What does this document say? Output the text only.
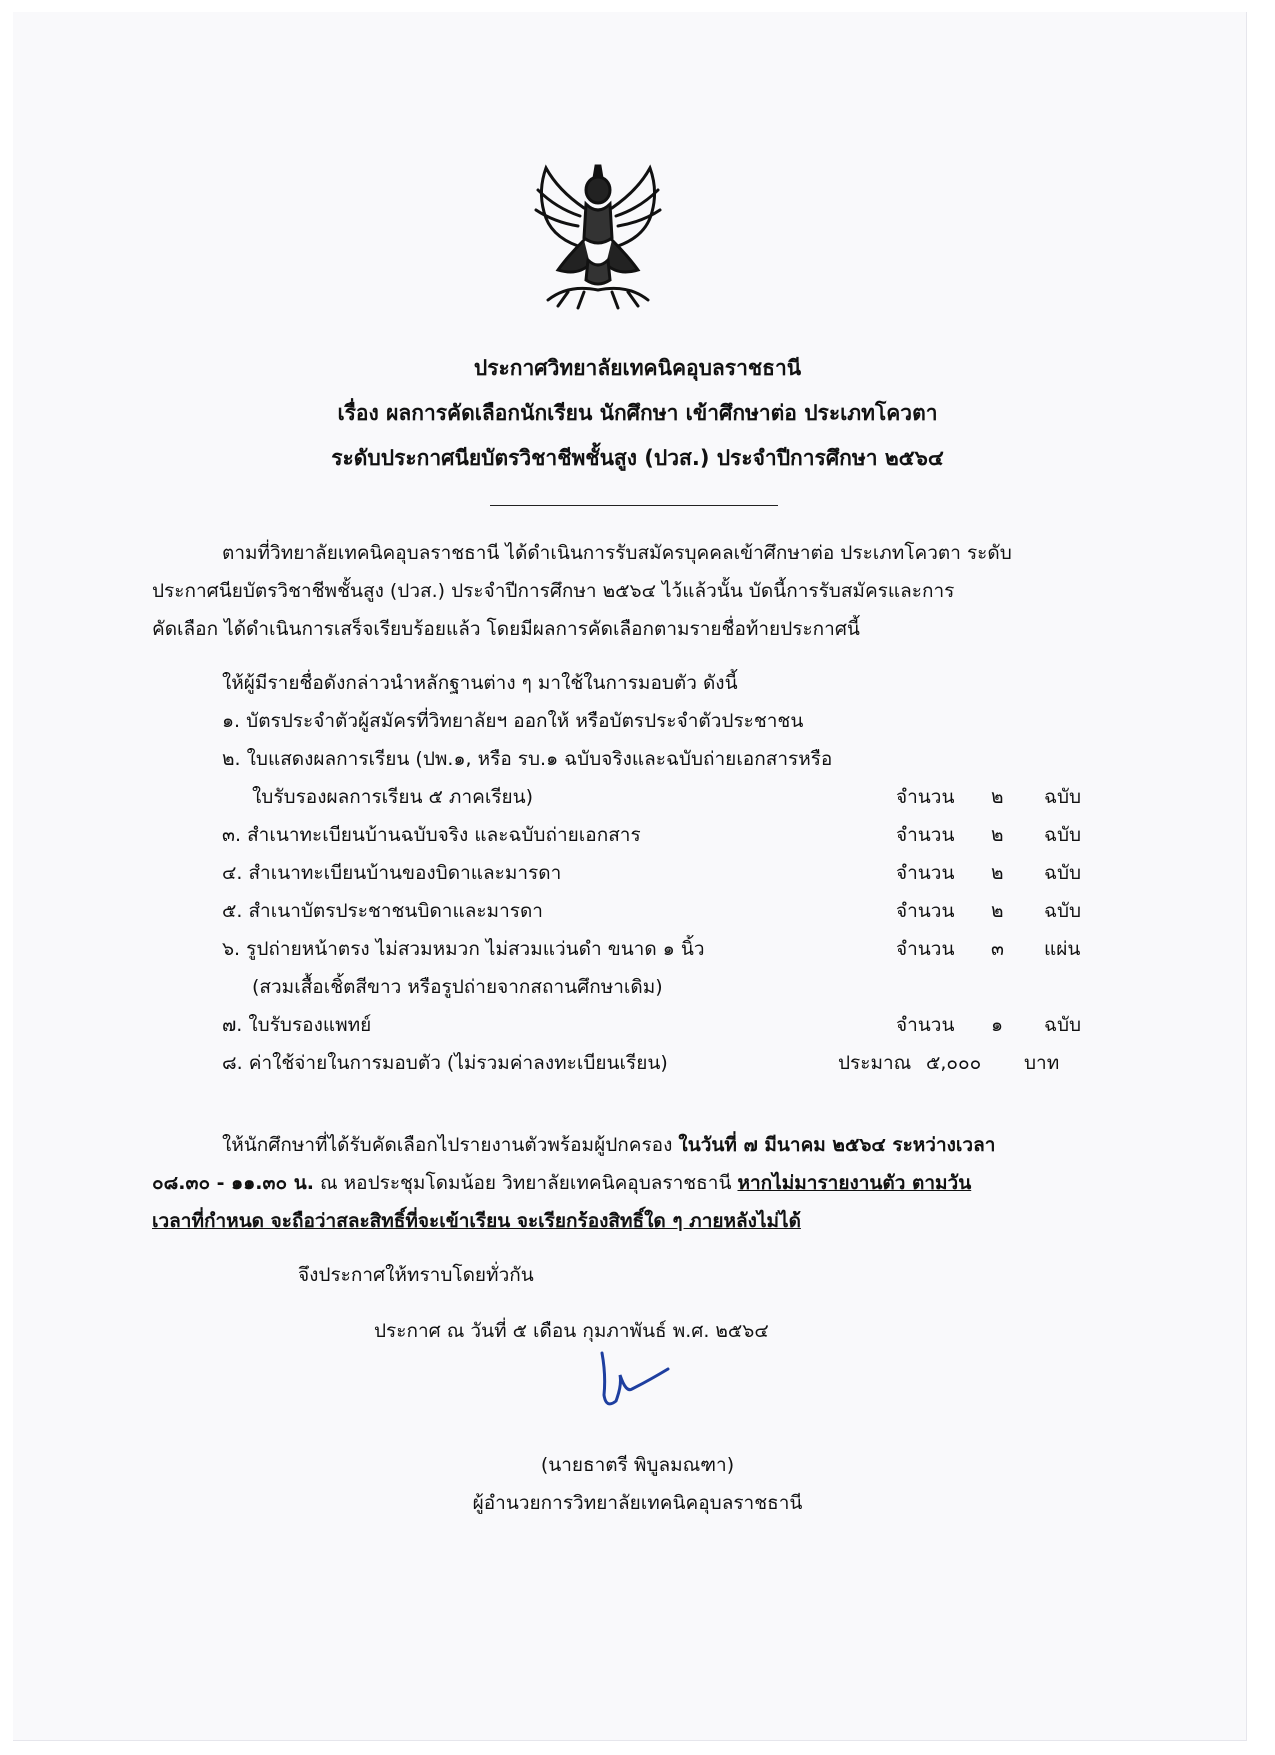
ประกาศวิทยาลัยเทคนิคอุบลราชธานี
เรื่อง ผลการคัดเลือกนักเรียน นักศึกษา เข้าศึกษาต่อ ประเภทโควตา
ระดับประกาศนียบัตรวิชาชีพชั้นสูง (ปวส.) ประจำปีการศึกษา ๒๕๖๔
ตามที่วิทยาลัยเทคนิคอุบลราชธานี ได้ดำเนินการรับสมัครบุคคลเข้าศึกษาต่อ ประเภทโควตา ระดับ
ประกาศนียบัตรวิชาชีพชั้นสูง (ปวส.) ประจำปีการศึกษา ๒๕๖๔ ไว้แล้วนั้น บัดนี้การรับสมัครและการ
คัดเลือก ได้ดำเนินการเสร็จเรียบร้อยแล้ว โดยมีผลการคัดเลือกตามรายชื่อท้ายประกาศนี้
ให้ผู้มีรายชื่อดังกล่าวนำหลักฐานต่าง ๆ มาใช้ในการมอบตัว ดังนี้
๑. บัตรประจำตัวผู้สมัครที่วิทยาลัยฯ ออกให้ หรือบัตรประจำตัวประชาชน
๒. ใบแสดงผลการเรียน (ปพ.๑, หรือ รบ.๑ ฉบับจริงและฉบับถ่ายเอกสารหรือ
ใบรับรองผลการเรียน ๕ ภาคเรียน)	จำนวน ๒ ฉบับ
๓. สำเนาทะเบียนบ้านฉบับจริง และฉบับถ่ายเอกสาร	จำนวน ๒ ฉบับ
๔. สำเนาทะเบียนบ้านของบิดาและมารดา	จำนวน ๒ ฉบับ
๕. สำเนาบัตรประชาชนบิดาและมารดา	จำนวน ๒ ฉบับ
๖. รูปถ่ายหน้าตรง ไม่สวมหมวก ไม่สวมแว่นดำ ขนาด ๑ นิ้ว	จำนวน ๓ แผ่น
(สวมเสื้อเชิ้ตสีขาว หรือรูปถ่ายจากสถานศึกษาเดิม)
๗. ใบรับรองแพทย์	จำนวน ๑ ฉบับ
๘. ค่าใช้จ่ายในการมอบตัว (ไม่รวมค่าลงทะเบียนเรียน)	ประมาณ ๕,๐๐๐ บาท
ให้นักศึกษาที่ได้รับคัดเลือกไปรายงานตัวพร้อมผู้ปกครอง ในวันที่ ๗ มีนาคม ๒๕๖๔ ระหว่างเวลา
๐๘.๓๐ - ๑๑.๓๐ น. ณ หอประชุมโดมน้อย วิทยาลัยเทคนิคอุบลราชธานี หากไม่มารายงานตัว ตามวัน
เวลาที่กำหนด จะถือว่าสละสิทธิ์ที่จะเข้าเรียน จะเรียกร้องสิทธิ์ใด ๆ ภายหลังไม่ได้
จึงประกาศให้ทราบโดยทั่วกัน
ประกาศ ณ วันที่ ๕ เดือน กุมภาพันธ์ พ.ศ. ๒๕๖๔
(นายธาตรี พิบูลมณฑา)
ผู้อำนวยการวิทยาลัยเทคนิคอุบลราชธานี
